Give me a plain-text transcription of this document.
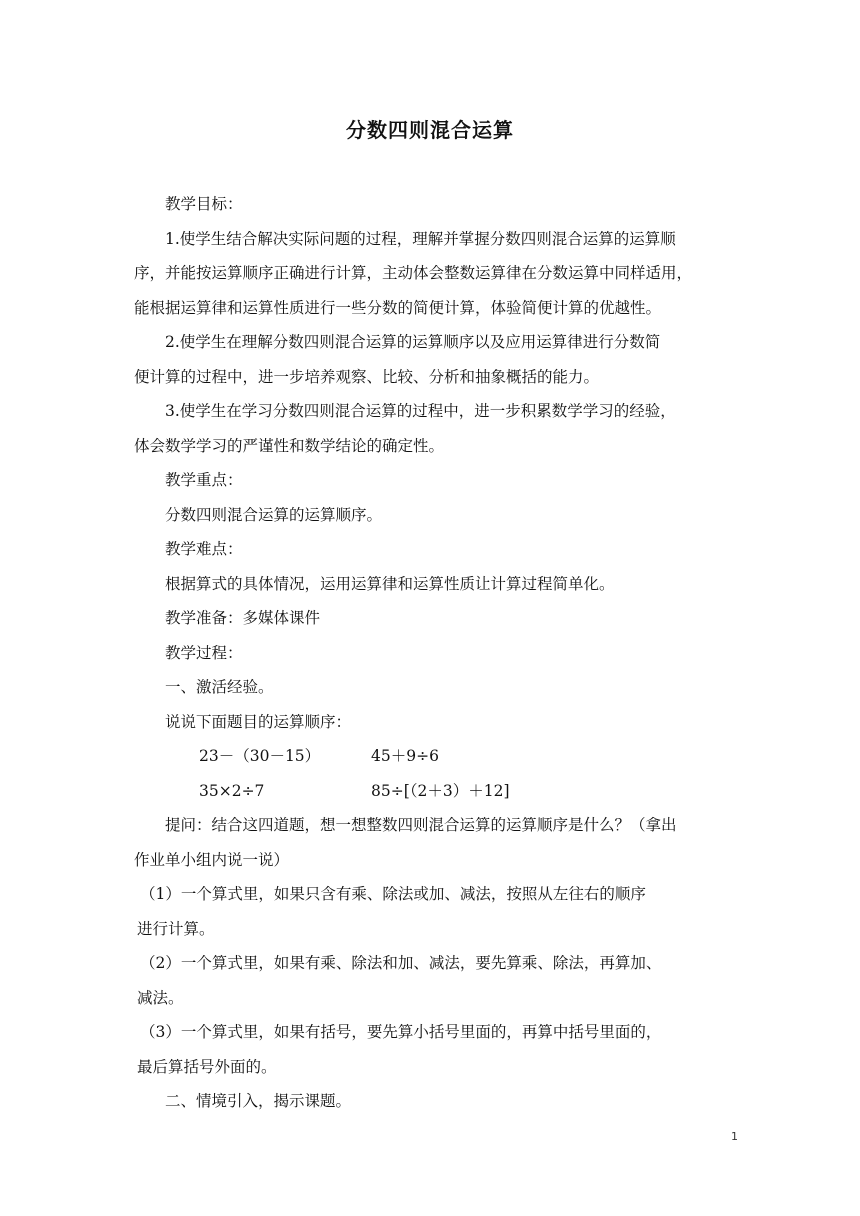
分数四则混合运算

教学目标：

1.使学生结合解决实际问题的过程，理解并掌握分数四则混合运算的运算顺

序，并能按运算顺序正确进行计算，主动体会整数运算律在分数运算中同样适用，

能根据运算律和运算性质进行一些分数的简便计算，体验简便计算的优越性。

2.使学生在理解分数四则混合运算的运算顺序以及应用运算律进行分数简

便计算的过程中，进一步培养观察、比较、分析和抽象概括的能力。

3.使学生在学习分数四则混合运算的过程中，进一步积累数学学习的经验，

体会数学学习的严谨性和数学结论的确定性。

教学重点：

分数四则混合运算的运算顺序。

教学难点：

根据算式的具体情况，运用运算律和运算性质让计算过程简单化。

教学准备：多媒体课件

教学过程：

一、激活经验。

说说下面题目的运算顺序：

23－（30－15）	45＋9÷6
35×2÷7	85÷[（2＋3）＋12]

提问：结合这四道题，想一想整数四则混合运算的运算顺序是什么？（拿出

作业单小组内说一说）

（1）一个算式里，如果只含有乘、除法或加、减法，按照从左往右的顺序

进行计算。

（2）一个算式里，如果有乘、除法和加、减法，要先算乘、除法，再算加、

减法。

（3）一个算式里，如果有括号，要先算小括号里面的，再算中括号里面的，

最后算括号外面的。

二、情境引入，揭示课题。

1
